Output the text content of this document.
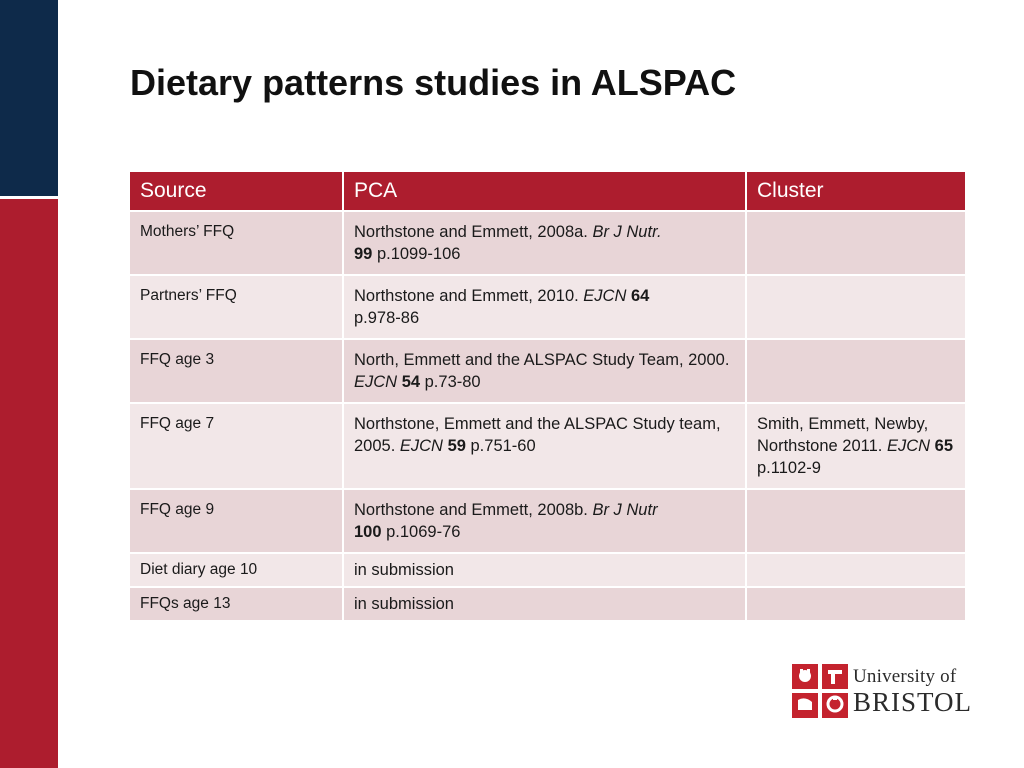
Dietary patterns studies in ALSPAC
Source	PCA	Cluster
Mothers’ FFQ	Northstone and Emmett, 2008a. Br J Nutr.
99 p.1099-106	
Partners’ FFQ	Northstone and Emmett, 2010. EJCN 64
p.978-86	
FFQ age 3	North, Emmett and the ALSPAC Study Team, 2000. EJCN 54 p.73-80	
FFQ age 7	Northstone, Emmett and the ALSPAC Study team, 2005. EJCN 59 p.751-60	Smith, Emmett, Newby, Northstone 2011. EJCN 65
p.1102-9
FFQ age 9	Northstone and Emmett, 2008b. Br J Nutr
100 p.1069-76	
Diet diary age 10	in submission	
FFQs age 13	in submission	
University of
BRISTOL
